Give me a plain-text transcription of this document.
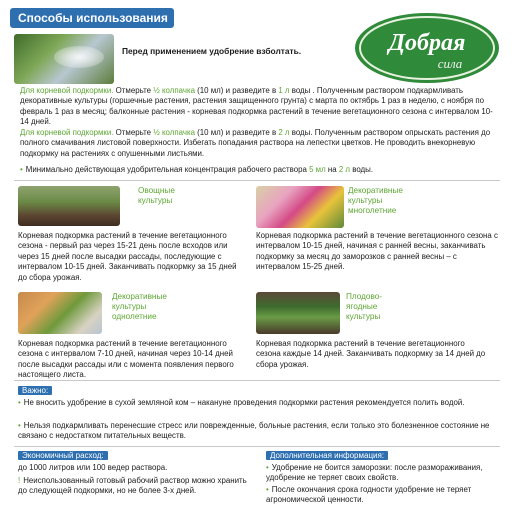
Способы использования
Перед применением удобрение взболтать.	Добрая
сила
Для корневой подкормки. Отмерьте ½ колпачка (10 мл) и разведите в 1 л воды . Полученным раствором подкармливать декоративные культуры (горшечные растения, растения защищенного грунта) с марта по октябрь 1 раз в неделю, с ноября по февраль 1 раз в месяц; балконные растения - корневая подкормка растений в течение вегетационного сезона с интервалом 10-14 дней.
Для корневой подкормки. Отмерьте ½ колпачка (10 мл) и разведите в 2 л воды. Полученным раствором опрыскать растения до полного смачивания листовой поверхности. Избегать попадания раствора на лепестки цветков. Не проводить внекорневую подкормку на растениях с опушенными листьями.
• Минимально действующая удобрительная концентрация рабочего раствора 5 мл на 2 л воды.
Овощные
культуры
Корневая подкормка растений в течение вегетационного сезона - первый раз через 15-21 день после всходов или через 15 дней после высадки рассады, последующие с интервалом 10-15 дней. Заканчивать подкормку за 15 дней до сбора урожая.
Декоративные
культуры
многолетние
Корневая подкормка растений в течение вегетационного сезона с интервалом 10-15 дней, начиная с ранней весны, заканчивать подкормку за месяц до заморозков с ранней весны – с интервалом 15-25 дней.
Декоративные
культуры
однолетние
Корневая подкормка растений в течение вегетационного сезона с интервалом 7-10 дней, начиная через 10-14 дней после высадки рассады или с момента появления первого настоящего листа.
Плодово-
ягодные
культуры
Корневая подкормка растений в течение вегетационного сезона каждые 14 дней. Заканчивать подкормку за 14 дней до сбора урожая.
Важно:
• Не вносить удобрение в сухой земляной ком – накануне проведения подкормки растения рекомендуется полить водой.
• Нельзя подкармливать перенесшие стресс или поврежденные, больные растения, если только это болезненное состояние не связано с недостатком питательных веществ.
Экономичный расход:
до 1000 литров или 100 ведер раствора.
! Неиспользованный готовый рабочий раствор можно хранить до следующей подкормки, но не более 3-х дней.
Дополнительная информация:
• Удобрение не боится заморозки: после размораживания, удобрение не теряет своих свойств.
• После окончания срока годности удобрение не теряет агрономической ценности.
